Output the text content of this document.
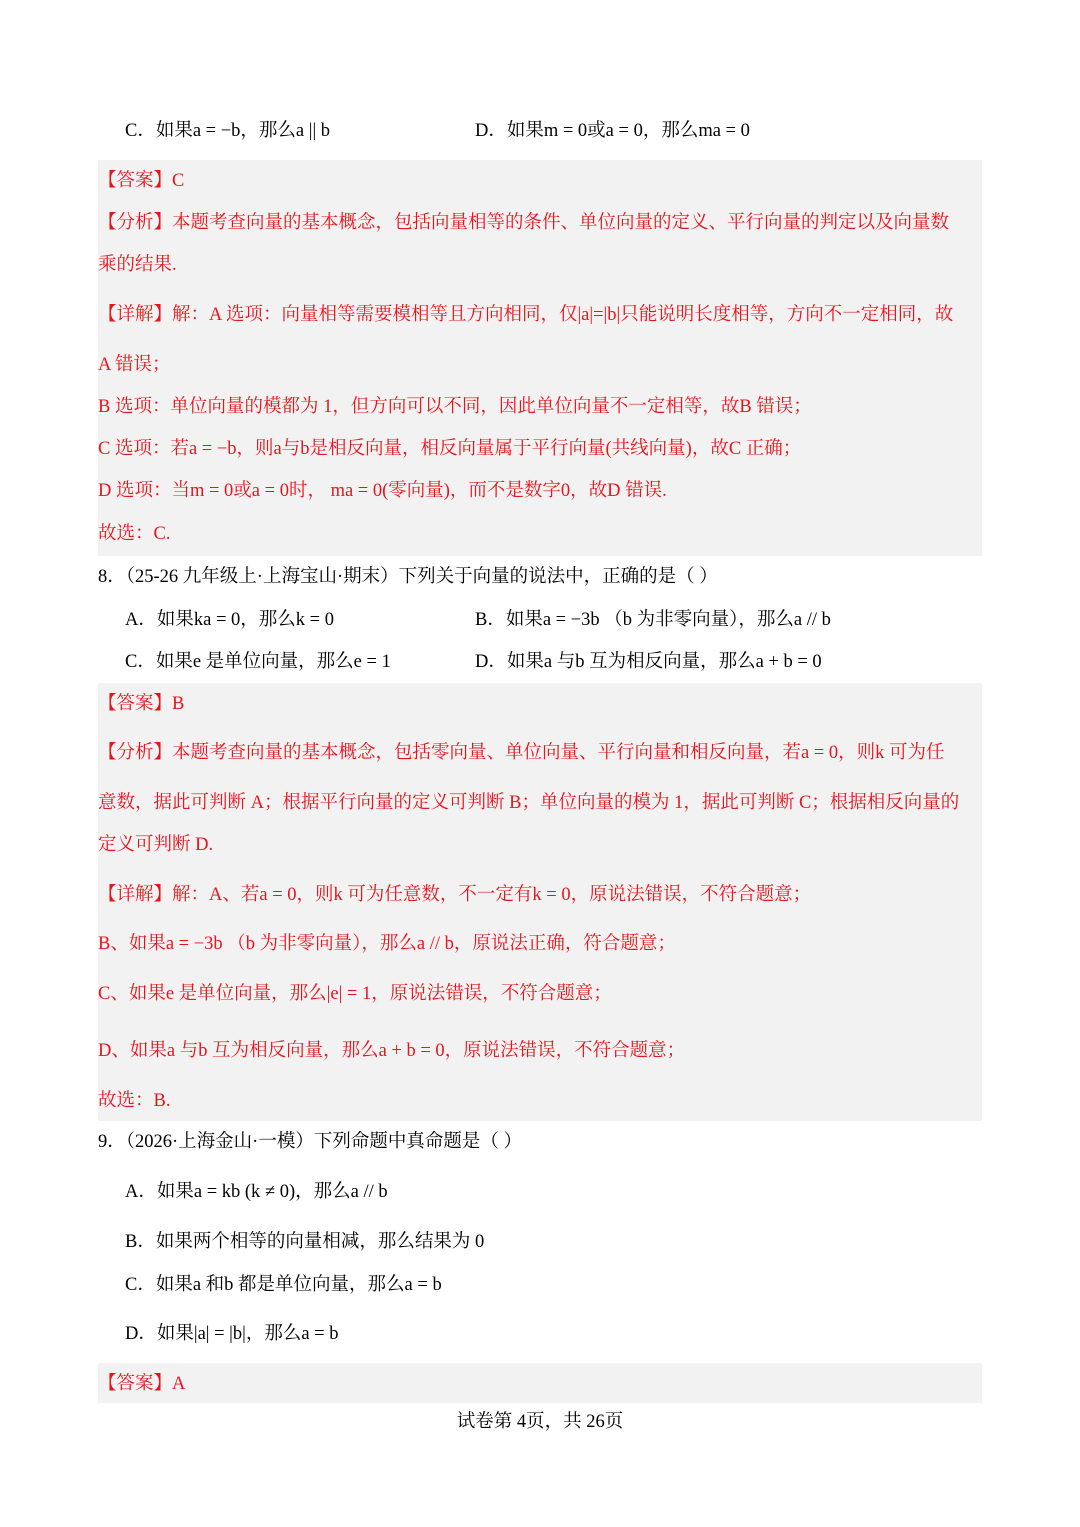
C．如果a = −b，那么a || b	D．如果m = 0或a = 0，那么ma = 0
【答案】C
【分析】本题考查向量的基本概念，包括向量相等的条件、单位向量的定义、平行向量的判定以及向量数
乘的结果.
【详解】解：A 选项：向量相等需要模相等且方向相同，仅|a|=|b|只能说明长度相等，方向不一定相同，故
A 错误；
B 选项：单位向量的模都为 1，但方向可以不同，因此单位向量不一定相等，故B 错误；
C 选项：若a = −b，则a与b是相反向量，相反向量属于平行向量(共线向量)，故C 正确；
D 选项：当m = 0或a = 0时， ma = 0(零向量)，而不是数字0，故D 错误.
故选：C.
8．（25-26 九年级上·上海宝山·期末）下列关于向量的说法中，正确的是（ ）
A．如果ka = 0，那么k = 0	B．如果a = −3b （b 为非零向量），那么a // b
C．如果e 是单位向量，那么e = 1	D．如果a 与b 互为相反向量，那么a + b = 0
【答案】B
【分析】本题考查向量的基本概念，包括零向量、单位向量、平行向量和相反向量，若a = 0，则k 可为任
意数，据此可判断 A；根据平行向量的定义可判断 B；单位向量的模为 1，据此可判断 C；根据相反向量的
定义可判断 D.
【详解】解：A、若a = 0，则k 可为任意数，不一定有k = 0，原说法错误，不符合题意；
B、如果a = −3b （b 为非零向量），那么a // b，原说法正确，符合题意；
C、如果e 是单位向量，那么|e| = 1，原说法错误，不符合题意；
D、如果a 与b 互为相反向量，那么a + b = 0，原说法错误，不符合题意；
故选：B.
9．（2026·上海金山·一模）下列命题中真命题是（ ）
A．如果a = kb (k ≠ 0)，那么a // b
B．如果两个相等的向量相减，那么结果为 0
C．如果a 和b 都是单位向量，那么a = b
D．如果|a| = |b|，那么a = b
【答案】A
试卷第 4页，共 26页
